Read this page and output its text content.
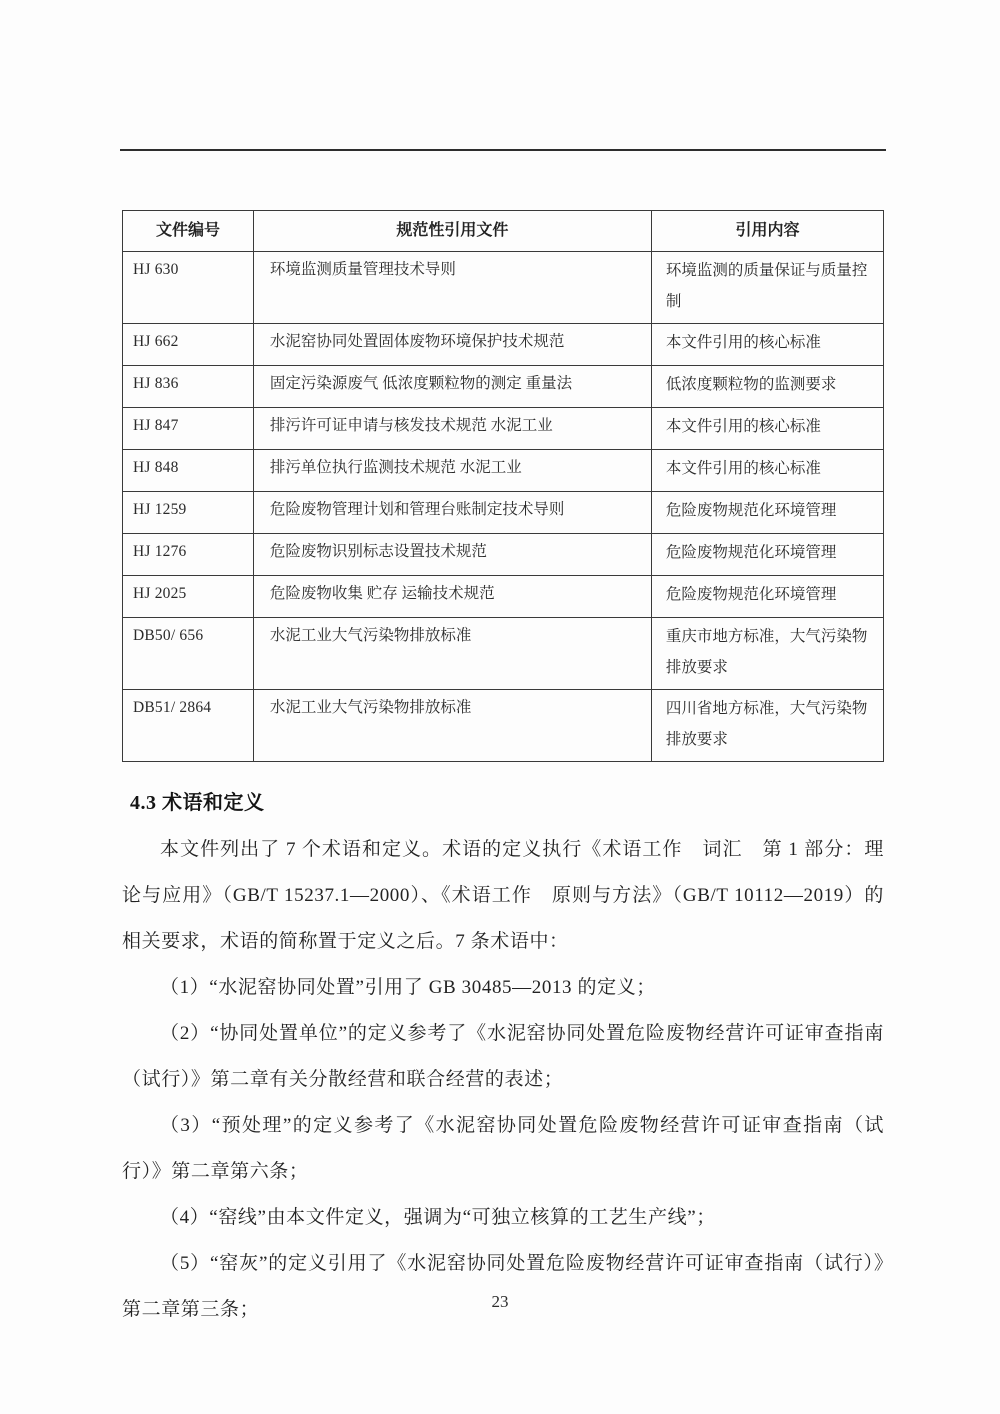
文件编号	规范性引用文件	引用内容
HJ 630	环境监测质量管理技术导则	环境监测的质量保证与质量控制
HJ 662	水泥窑协同处置固体废物环境保护技术规范	本文件引用的核心标准
HJ 836	固定污染源废气 低浓度颗粒物的测定 重量法	低浓度颗粒物的监测要求
HJ 847	排污许可证申请与核发技术规范 水泥工业	本文件引用的核心标准
HJ 848	排污单位执行监测技术规范 水泥工业	本文件引用的核心标准
HJ 1259	危险废物管理计划和管理台账制定技术导则	危险废物规范化环境管理
HJ 1276	危险废物识别标志设置技术规范	危险废物规范化环境管理
HJ 2025	危险废物收集 贮存 运输技术规范	危险废物规范化环境管理
DB50/ 656	水泥工业大气污染物排放标准	重庆市地方标准，大气污染物排放要求
DB51/ 2864	水泥工业大气污染物排放标准	四川省地方标准，大气污染物排放要求
4.3 术语和定义

本文件列出了 7 个术语和定义。术语的定义执行《术语工作　词汇　第 1 部分：理论与应用》（GB/T 15237.1—2000）、《术语工作　原则与方法》（GB/T 10112—2019）的相关要求，术语的简称置于定义之后。7 条术语中：

（1）“水泥窑协同处置”引用了 GB 30485—2013 的定义；

（2）“协同处置单位”的定义参考了《水泥窑协同处置危险废物经营许可证审查指南（试行）》第二章有关分散经营和联合经营的表述；

（3）“预处理”的定义参考了《水泥窑协同处置危险废物经营许可证审查指南（试行）》第二章第六条；

（4）“窑线”由本文件定义，强调为“可独立核算的工艺生产线”；

（5）“窑灰”的定义引用了《水泥窑协同处置危险废物经营许可证审查指南（试行）》第二章第三条；	23
